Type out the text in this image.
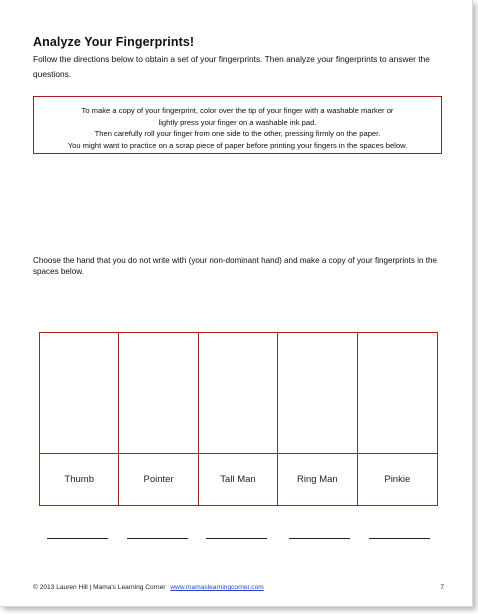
Analyze Your Fingerprints!

Follow the directions below to obtain a set of your fingerprints. Then analyze your fingerprints to answer the questions.

To make a copy of your fingerprint, color over the tip of your finger with a washable marker or
lightly press your finger on a washable ink pad.
Then carefully roll your finger from one side to the other, pressing firmly on the paper.
You might want to practice on a scrap piece of paper before printing your fingers in the spaces below.

Choose the hand that you do not write with (your non-dominant hand) and make a copy of your fingerprints in the spaces below.

Thumb	Pointer	Tall Man	Ring Man	Pinkie
© 2013 Lauren Hill | Mama's Learning Corner www.mamaslearningcorner.com	7
